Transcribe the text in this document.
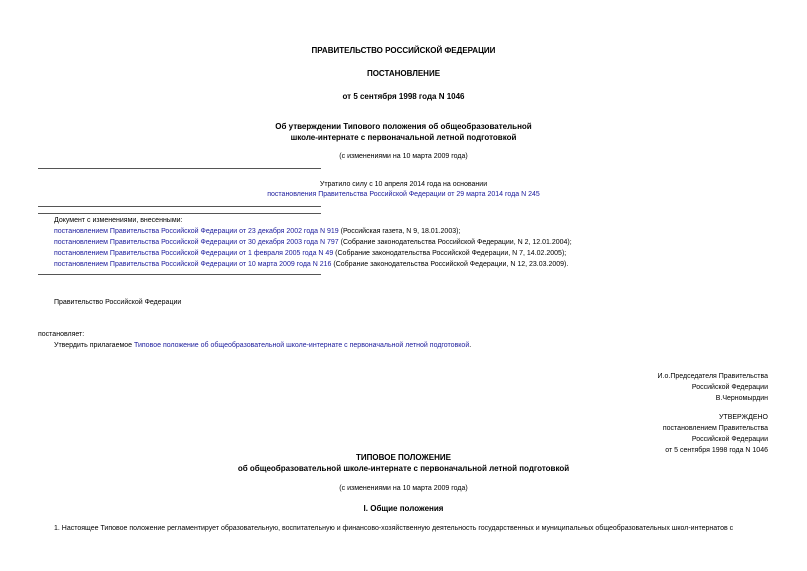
ПРАВИТЕЛЬСТВО РОССИЙСКОЙ ФЕДЕРАЦИИ
ПОСТАНОВЛЕНИЕ
от 5 сентября 1998 года N 1046
Об утверждении Типового положения об общеобразовательной
школе-интернате с первоначальной летной подготовкой
(с изменениями на 10 марта 2009 года)
Утратило силу с 10 апреля 2014 года на основании
постановления Правительства Российской Федерации от 29 марта 2014 года N 245
Документ с изменениями, внесенными:
постановлением Правительства Российской Федерации от 23 декабря 2002 года N 919 (Российская газета, N 9, 18.01.2003);
постановлением Правительства Российской Федерации от 30 декабря 2003 года N 797 (Собрание законодательства Российской Федерации, N 2, 12.01.2004);
постановлением Правительства Российской Федерации от 1 февраля 2005 года N 49 (Собрание законодательства Российской Федерации, N 7, 14.02.2005);
постановлением Правительства Российской Федерации от 10 марта 2009 года N 216 (Собрание законодательства Российской Федерации, N 12, 23.03.2009).
Правительство Российской Федерации
постановляет:
Утвердить прилагаемое Типовое положение об общеобразовательной школе-интернате с первоначальной летной подготовкой.
И.о.Председателя Правительства
Российской Федерации
В.Черномырдин
УТВЕРЖДЕНО
постановлением Правительства
Российской Федерации
от 5 сентября 1998 года N 1046
ТИПОВОЕ ПОЛОЖЕНИЕ
об общеобразовательной школе-интернате с первоначальной летной подготовкой
(с изменениями на 10 марта 2009 года)
I. Общие положения
1. Настоящее Типовое положение регламентирует образовательную, воспитательную и финансово-хозяйственную деятельность государственных и муниципальных общеобразовательных школ-интернатов с
